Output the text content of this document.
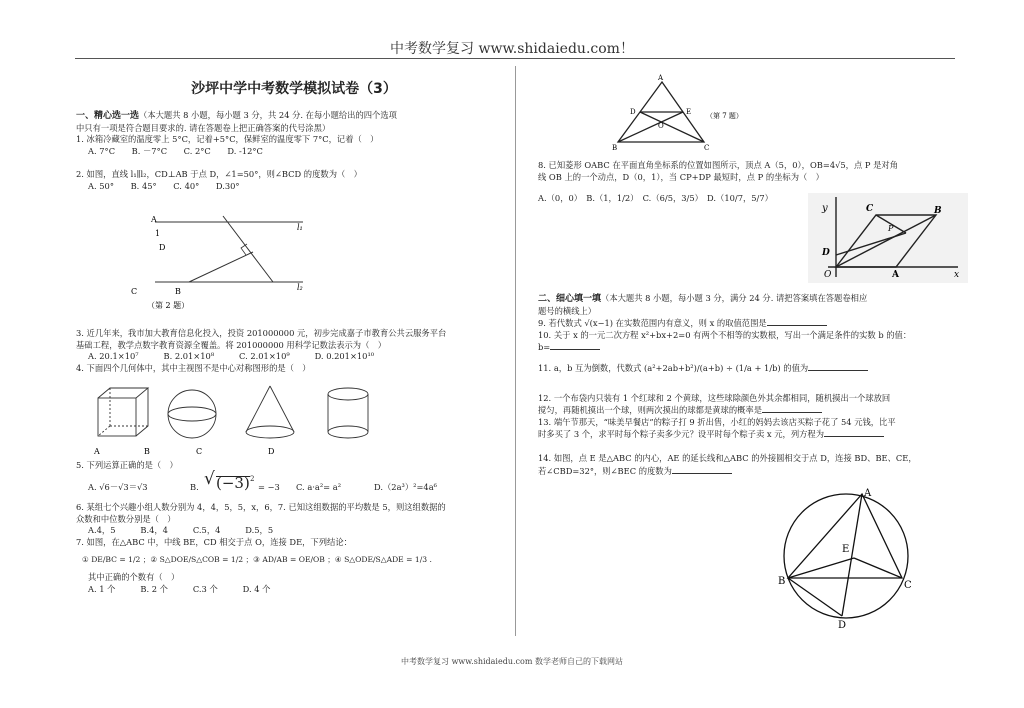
中考数学复习 www.shidaiedu.com！
沙坪中学中考数学模拟试卷（3）
一、精心选一选（本大题共 8 小题，每小题 3 分，共 24 分. 在每小题给出的四个选项
中只有一项是符合题目要求的. 请在答题卷上把正确答案的代号涂黑）
1. 冰箱冷藏室的温度零上 5°C，记着+5°C，保鲜室的温度零下 7°C，记着（　）
A. 7°C　　B. －7°C　　C. 2°C　　D. -12°C
2. 如图，直线 l₁∥l₂，CD⊥AB 于点 D，∠1=50°，则∠BCD 的度数为（　）
A. 50°　　B. 45°　　C. 40°　　D.30°
A
1
D
C	B
l₁
l₂
（第 2 题）
3. 近几年来，我市加大教育信息化投入，投资 201000000 元，初步完成嘉子市教育公共云服务平台
基础工程，教学点数字教育资源全覆盖。将 201000000 用科学记数法表示为（　）
A. 20.1×10⁷　　　B. 2.01×10⁸　　　C. 2.01×10⁹　　　D. 0.201×10¹⁰
4. 下面四个几何体中，其中主视图不是中心对称图形的是（　）
A	B	C	D
5. 下列运算正确的是（　）
A. √6－√3＝√3	B. √ (−3) 2
= −3 C. a·a²= a²	D.（2a³）²=4a⁶
6. 某组七个兴趣小组人数分别为 4，4，5，5，x，6，7. 已知这组数据的平均数是 5，则这组数据的
众数和中位数分别是（　）
A.4，5　　　B.4，4　　　C.5，4　　　D.5，5
7. 如图，在△ABC 中，中线 BE，CD 相交于点 O，连接 DE，下列结论：
① DE/BC = 1/2 ；② S△DOE/S△COB = 1/2 ；③ AD/AB = OE/OB ；④ S△ODE/S△ADE = 1/3 .
其中正确的个数有（　）
A. 1 个　　　B. 2 个　　　C.3 个　　　D. 4 个
A
D	E
O
B	C
（第 7 题）
8. 已知菱形 OABC 在平面直角坐标系的位置如图所示，顶点 A（5，0），OB=4√5，点 P 是对角
线 OB 上的一个动点，D（0，1），当 CP+DP 最短时，点 P 的坐标为（　）
A.（0，0）　B.（1，1/2）　C.（6/5，3/5）　D.（10/7，5/7）
y	C	B
P
D
O	A	x
二、细心填一填（本大题共 8 小题，每小题 3 分，满分 24 分. 请把答案填在答题卷相应
题号的横线上）
9. 若代数式 √(x−1) 在实数范围内有意义，则 x 的取值范围是
10. 关于 x 的一元二次方程 x²+bx+2=0 有两个不相等的实数根，写出一个满足条件的实数 b 的值：
b=
11. a，b 互为倒数，代数式 (a²+2ab+b²)/(a+b) ÷ (1/a + 1/b) 的值为
12. 一个布袋内只装有 1 个红球和 2 个黄球，这些球除颜色外其余都相同，随机摸出一个球放回
搅匀，再随机摸出一个球，则两次摸出的球都是黄球的概率是
13. 端午节那天，“味美早餐店”的粽子打 9 折出售，小红的妈妈去该店买粽子花了 54 元钱，比平
时多买了 3 个，求平时每个粽子卖多少元？设平时每个粽子卖 x 元，列方程为
14. 如图，点 E 是△ABC 的内心，AE 的延长线和△ABC 的外接圆相交于点 D，连接 BD、BE、CE，
若∠CBD=32°，则∠BEC 的度数为
A
E
B	C
D
中考数学复习 www.shidaiedu.com 数学老师自己的下载网站
